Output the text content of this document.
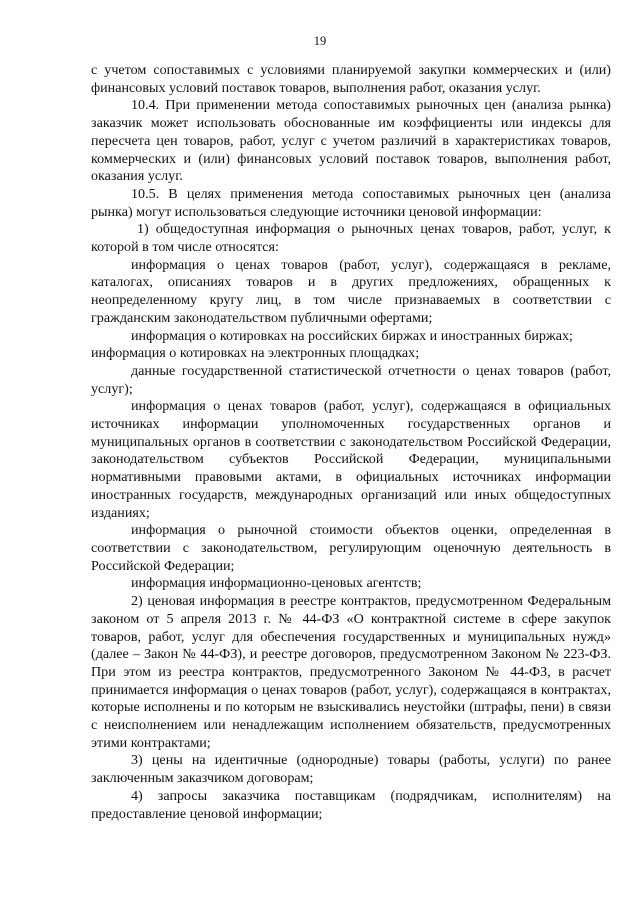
19

с учетом сопоставимых с условиями планируемой закупки коммерческих и (или) финансовых условий поставок товаров, выполнения работ, оказания услуг.

10.4. При применении метода сопоставимых рыночных цен (анализа рынка) заказчик может использовать обоснованные им коэффициенты или индексы для пересчета цен товаров, работ, услуг с учетом различий в характеристиках товаров, коммерческих и (или) финансовых условий поставок товаров, выполнения работ, оказания услуг.

10.5. В целях применения метода сопоставимых рыночных цен (анализа рынка) могут использоваться следующие источники ценовой информации:

1) общедоступная информация о рыночных ценах товаров, работ, услуг, к которой в том числе относятся:

информация о ценах товаров (работ, услуг), содержащаяся в рекламе, каталогах, описаниях товаров и в других предложениях, обращенных к неопределенному кругу лиц, в том числе признаваемых в соответствии с гражданским законодательством публичными офертами;

информация о котировках на российских биржах и иностранных биржах;

информация о котировках на электронных площадках;

данные государственной статистической отчетности о ценах товаров (работ, услуг);

информация о ценах товаров (работ, услуг), содержащаяся в официальных источниках информации уполномоченных государственных органов и муниципальных органов в соответствии с законодательством Российской Федерации, законодательством субъектов Российской Федерации, муниципальными нормативными правовыми актами, в официальных источниках информации иностранных государств, международных организаций или иных общедоступных изданиях;

информация о рыночной стоимости объектов оценки, определенная в соответствии с законодательством, регулирующим оценочную деятельность в Российской Федерации;

информация информационно-ценовых агентств;

2) ценовая информация в реестре контрактов, предусмотренном Федеральным законом от 5 апреля 2013 г. № 44-ФЗ «О контрактной системе в сфере закупок товаров, работ, услуг для обеспечения государственных и муниципальных нужд» (далее – Закон № 44-ФЗ), и реестре договоров, предусмотренном Законом № 223-ФЗ. При этом из реестра контрактов, предусмотренного Законом № 44-ФЗ, в расчет принимается информация о ценах товаров (работ, услуг), содержащаяся в контрактах, которые исполнены и по которым не взыскивались неустойки (штрафы, пени) в связи с неисполнением или ненадлежащим исполнением обязательств, предусмотренных этими контрактами;

3) цены на идентичные (однородные) товары (работы, услуги) по ранее заключенным заказчиком договорам;

4) запросы заказчика поставщикам (подрядчикам, исполнителям) на предоставление ценовой информации;
